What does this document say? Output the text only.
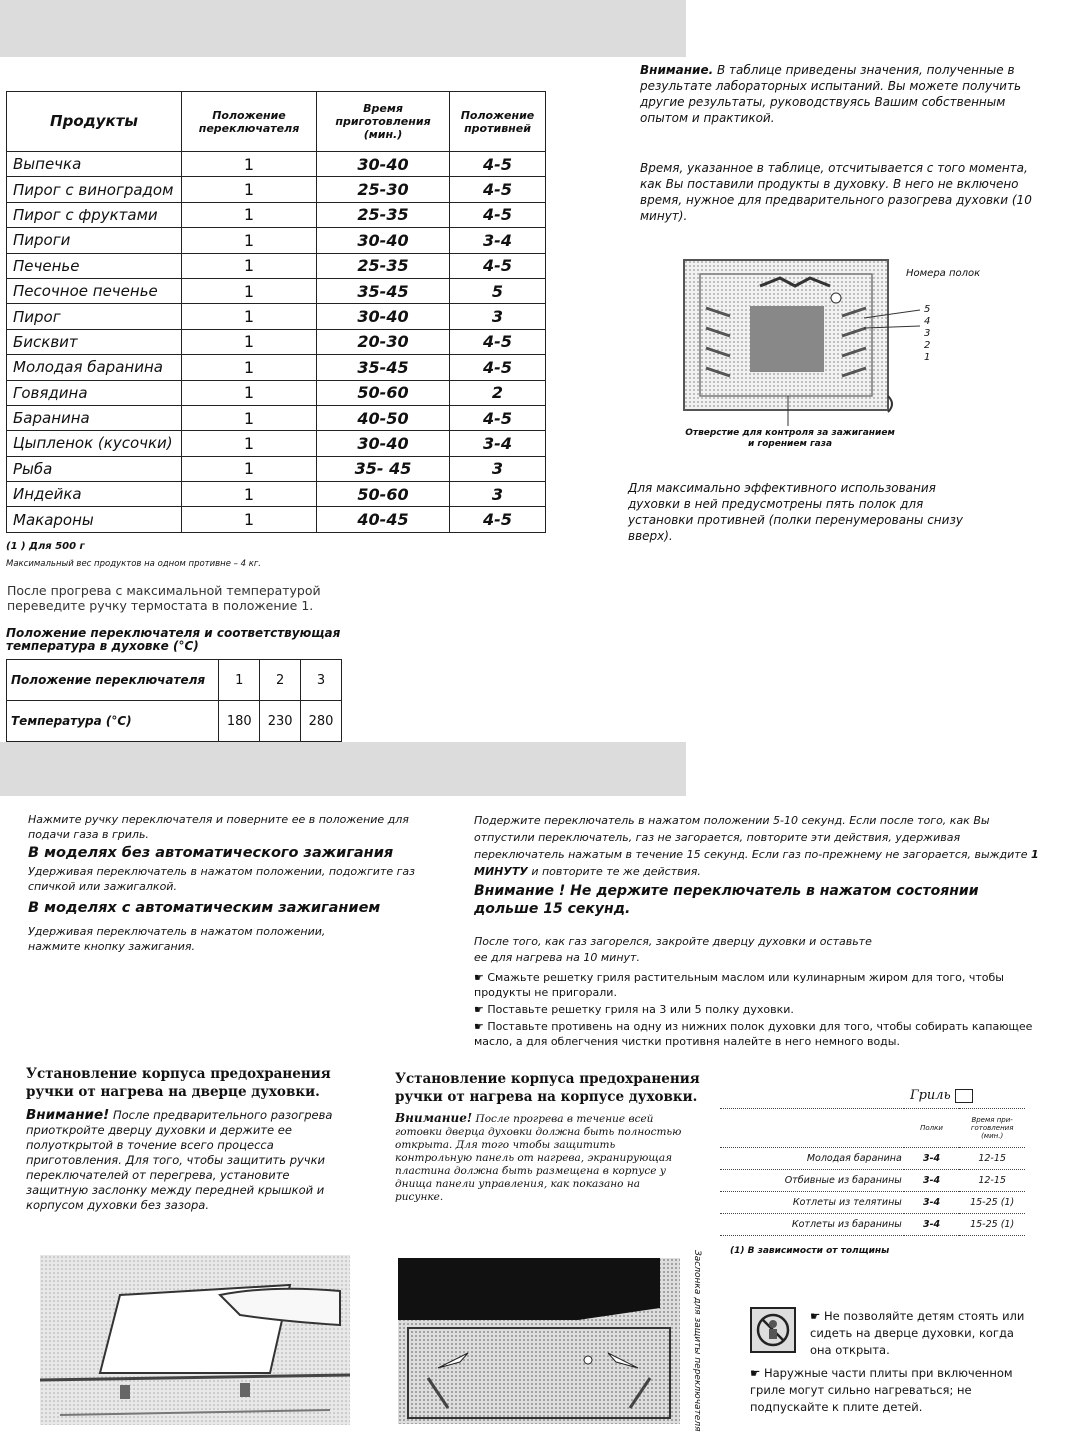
Продукты	Положение переключателя	Время приготовления (мин.)	Положение противней
Выпечка	1	30-40	4-5
Пирог с виноградом	1	25-30	4-5
Пирог с фруктами	1	25-35	4-5
Пироги	1	30-40	3-4
Печенье	1	25-35	4-5
Песочное печенье	1	35-45	5
Пирог	1	30-40	3
Бисквит	1	20-30	4-5
Молодая баранина	1	35-45	4-5
Говядина	1	50-60	2
Баранина	1	40-50	4-5
Цыпленок (кусочки)	1	30-40	3-4
Рыба	1	35- 45	3
Индейка	1	50-60	3
Макароны	1	40-45	4-5
(1 ) Для 500 г
Максимальный вес продуктов на одном противне – 4 кг.
После прогрева с максимальной температурой переведите ручку термостата в положение 1.
Положение переключателя и соответствующая температура в духовке (°C)
Положение переключателя	1	2	3
Температура (°C)	180	230	280
Внимание. В таблице приведены значения, полученные в результате лабораторных испытаний. Вы можете получить другие результаты, руководствуясь Вашим собственным опытом и практикой.
Время, указанное в таблице, отсчитывается с того момента, как Вы поставили продукты в духовку. В него не включено время, нужное для предварительного разогрева духовки (10 минут).
Номера полок
5
4
3
2
1
Отверстие для контроля за зажиганием
и горением газа
Для максимально эффективного использования духовки в ней предусмотрены пять полок для установки противней (полки перенумерованы снизу вверх).
Нажмите ручку переключателя и поверните ее в положение для подачи газа в гриль.
В моделях без автоматического зажигания
Удерживая переключатель в нажатом положении, подожгите газ спичкой или зажигалкой.
В моделях с автоматическим зажиганием
Удерживая переключатель в нажатом положении, нажмите кнопку зажигания.
Подержите переключатель в нажатом положении 5-10 секунд. Если после того, как Вы отпустили переключатель, газ не загорается, повторите эти действия, удерживая переключатель нажатым в течение 15 секунд. Если газ по-прежнему не загорается, выждите 1 МИНУТУ и повторите те же действия.
Внимание ! Не держите переключатель в нажатом состоянии дольше 15 секунд.
После того, как газ загорелся, закройте дверцу духовки и оставьте ее для нагрева на 10 минут.
☛ Смажьте решетку гриля растительным маслом или кулинарным жиром для того, чтобы продукты не пригорали.
☛ Поставьте решетку гриля на 3 или 5 полку духовки.
☛ Поставьте противень на одну из нижних полок духовки для того, чтобы собирать капающее масло, а для облегчения чистки противня налейте в него немного воды.
Установление корпуса предохранения ручки от нагрева на дверце духовки.
Внимание! После предварительного разогрева приоткройте дверцу духовки и держите ее полуоткрытой в точение всего процесса приготовления. Для того, чтобы защитить ручки переключателей от перегрева, установите защитную заслонку между передней крышкой и корпусом духовки без зазора.
Установление корпуса предохранения ручки от нагрева на корпусе духовки.
Внимание! После прогрева в течение всей готовки дверца духовки должна быть полностью открыта. Для того чтобы защитить контрольную панель от нагрева, экранирующая пластина должна быть размещена в корпусе у днища панели управления, как показано на рисунке.
Заслонка для защиты переключателя
Гриль
	Полки	Время при-готовления (мин.)
Молодая баранина	3-4	12-15
Отбивные из баранины	3-4	12-15
Котлеты из телятины	3-4	15-25 (1)
Котлеты из баранины	3-4	15-25 (1)
(1) В зависимости от толщины
☛ Не позволяйте детям стоять или сидеть на дверце духовки, когда она открыта.
☛ Наружные части плиты при включенном гриле могут сильно нагреваться; не подпускайте к плите детей.
